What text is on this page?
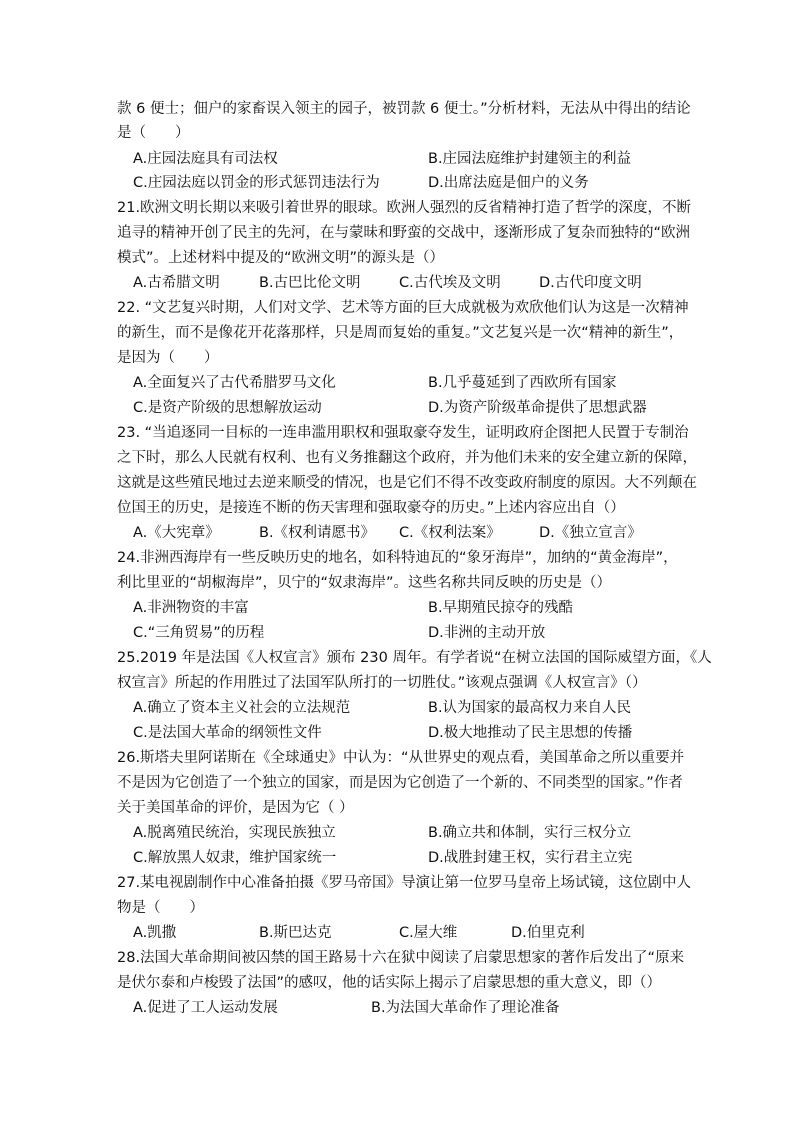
款 6 便士；佃户的家畜误入领主的园子，被罚款 6 便士。”分析材料，无法从中得出的结论
是（　　）
A.庄园法庭具有司法权	B.庄园法庭维护封建领主的利益
C.庄园法庭以罚金的形式惩罚违法行为	D.出席法庭是佃户的义务
21.欧洲文明长期以来吸引着世界的眼球。欧洲人强烈的反省精神打造了哲学的深度，不断
追寻的精神开创了民主的先河，在与蒙昧和野蛮的交战中，逐渐形成了复杂而独特的“欧洲
模式”。上述材料中提及的“欧洲文明”的源头是（）
A.古希腊文明	B.古巴比伦文明	C.古代埃及文明	D.古代印度文明
22. “文艺复兴时期，人们对文学、艺术等方面的巨大成就极为欢欣他们认为这是一次精神
的新生，而不是像花开花落那样，只是周而复始的重复。”文艺复兴是一次“精神的新生”，
是因为（　　）
A.全面复兴了古代希腊罗马文化	B.几乎蔓延到了西欧所有国家
C.是资产阶级的思想解放运动	D.为资产阶级革命提供了思想武器
23. “当追逐同一目标的一连串滥用职权和强取豪夺发生，证明政府企图把人民置于专制治
之下时，那么人民就有权利、也有义务推翻这个政府，并为他们未来的安全建立新的保障，
这就是这些殖民地过去逆来顺受的情况，也是它们不得不改变政府制度的原因。大不列颠在
位国王的历史，是接连不断的伤天害理和强取豪夺的历史。”上述内容应出自（）
A.《大宪章》	B.《权利请愿书》 C.《权利法案》	D.《独立宣言》
24.非洲西海岸有一些反映历史的地名，如科特迪瓦的“象牙海岸”，加纳的“黄金海岸”，
利比里亚的“胡椒海岸”，贝宁的“奴隶海岸”。这些名称共同反映的历史是（）
A.非洲物资的丰富	B.早期殖民掠夺的残酷
C.“三角贸易”的历程	D.非洲的主动开放
25.2019 年是法国《人权宣言》颁布 230 周年。有学者说“在树立法国的国际威望方面，《人
权宣言》所起的作用胜过了法国军队所打的一切胜仗。”该观点强调《人权宣言》（）
A.确立了资本主义社会的立法规范	B.认为国家的最高权力来自人民
C.是法国大革命的纲领性文件	D.极大地推动了民主思想的传播
26.斯塔夫里阿诺斯在《全球通史》中认为：“从世界史的观点看，美国革命之所以重要并
不是因为它创造了一个独立的国家，而是因为它创造了一个新的、不同类型的国家。”作者
关于美国革命的评价，是因为它（ ）
A.脱离殖民统治，实现民族独立	B.确立共和体制，实行三权分立
C.解放黑人奴隶，维护国家统一	D.战胜封建王权，实行君主立宪
27.某电视剧制作中心准备拍摄《罗马帝国》导演让第一位罗马皇帝上场试镜，这位剧中人
物是（　　）
A.凯撒	B.斯巴达克	C.屋大维	D.伯里克利
28.法国大革命期间被囚禁的国王路易十六在狱中阅读了启蒙思想家的著作后发出了“原来
是伏尔泰和卢梭毁了法国”的感叹，他的话实际上揭示了启蒙思想的重大意义，即（）
A.促进了工人运动发展	B.为法国大革命作了理论准备
